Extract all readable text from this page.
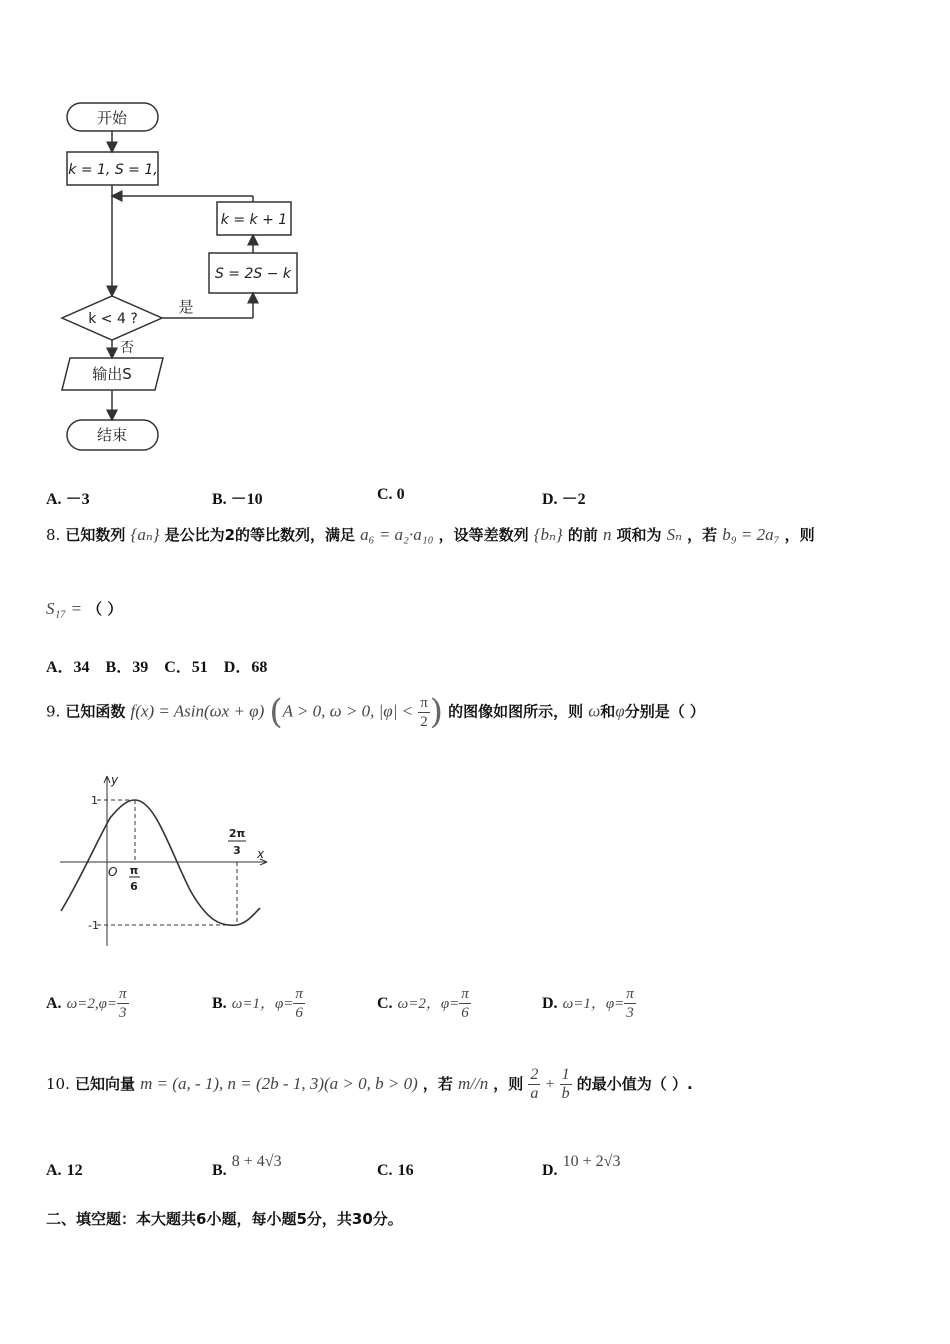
开始
k = 1, S = 1,
k = k + 1
S = 2S − k
k < 4 ?
是
否
输出S
结束
A. －3	B. －10	C. 0	D. －2
8. 已知数列 {aₙ} 是公比为2的等比数列，满足 a₆ = a₂·a₁₀ ，设等差数列 {bₙ} 的前 n 项和为 Sₙ ，若 b₉ = 2a₇ ，则
S₁₇ = （ ）
A．34　B．39　C．51　D．68
9. 已知函数 f(x) = Asin(ωx + φ) (A > 0, ω > 0, $|\varphi| < \frac{\pi}{2}$ ) 的图像如图所示，则 ω和φ分别是（ ）
y
x
O
1
-1
π
6
2π
3
A. $\omega=2,\varphi= \frac{\pi}{3}$	B. ω=1，$\varphi= \frac{\pi}{6}$	C. ω=2，$\varphi= \frac{\pi}{6}$	D. ω=1，$\varphi= \frac{\pi}{3}$
10. 已知向量 m = (a, - 1), n = (2b - 1, 3)(a > 0, b > 0) ，若 m//n ，则 $\frac{2}{a} + \frac{1}{b}$ 的最小值为（ ）.
A. 12	B. 8 + 4√3
C. 16	D. 10 + 2√3
二、填空题：本大题共6小题，每小题5分，共30分。
